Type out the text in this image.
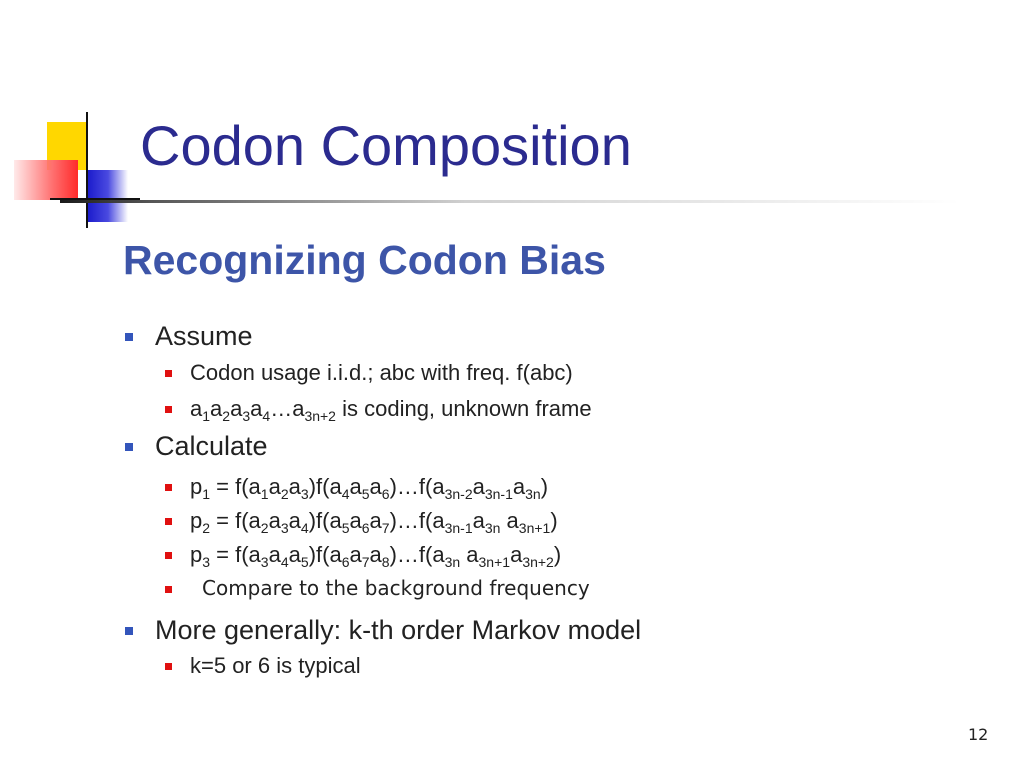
Codon Composition
Recognizing Codon Bias
Assume
Codon usage i.i.d.; abc with freq. f(abc)
$a_1a_2a_3a_4\dots a_{3n+2}$ is coding, unknown frame
Calculate
$p_1$ = $f(a_1a_2a_3)f(a_4a_5a_6)\dots f(a_{3n-2}a_{3n-1}a_{3n})$
$p_2$ = $f(a_2a_3a_4)f(a_5a_6a_7)\dots f(a_{3n-1}a_{3n}$ $a_{3n+1}$)
$p_3$ = $f(a_3a_4a_5)f(a_6a_7a_8)\dots f(a_{3n}$ $a_{3n+1}a_{3n+2}$)
Compare to the background frequency
More generally: k-th order Markov model
k=5 or 6 is typical
12
